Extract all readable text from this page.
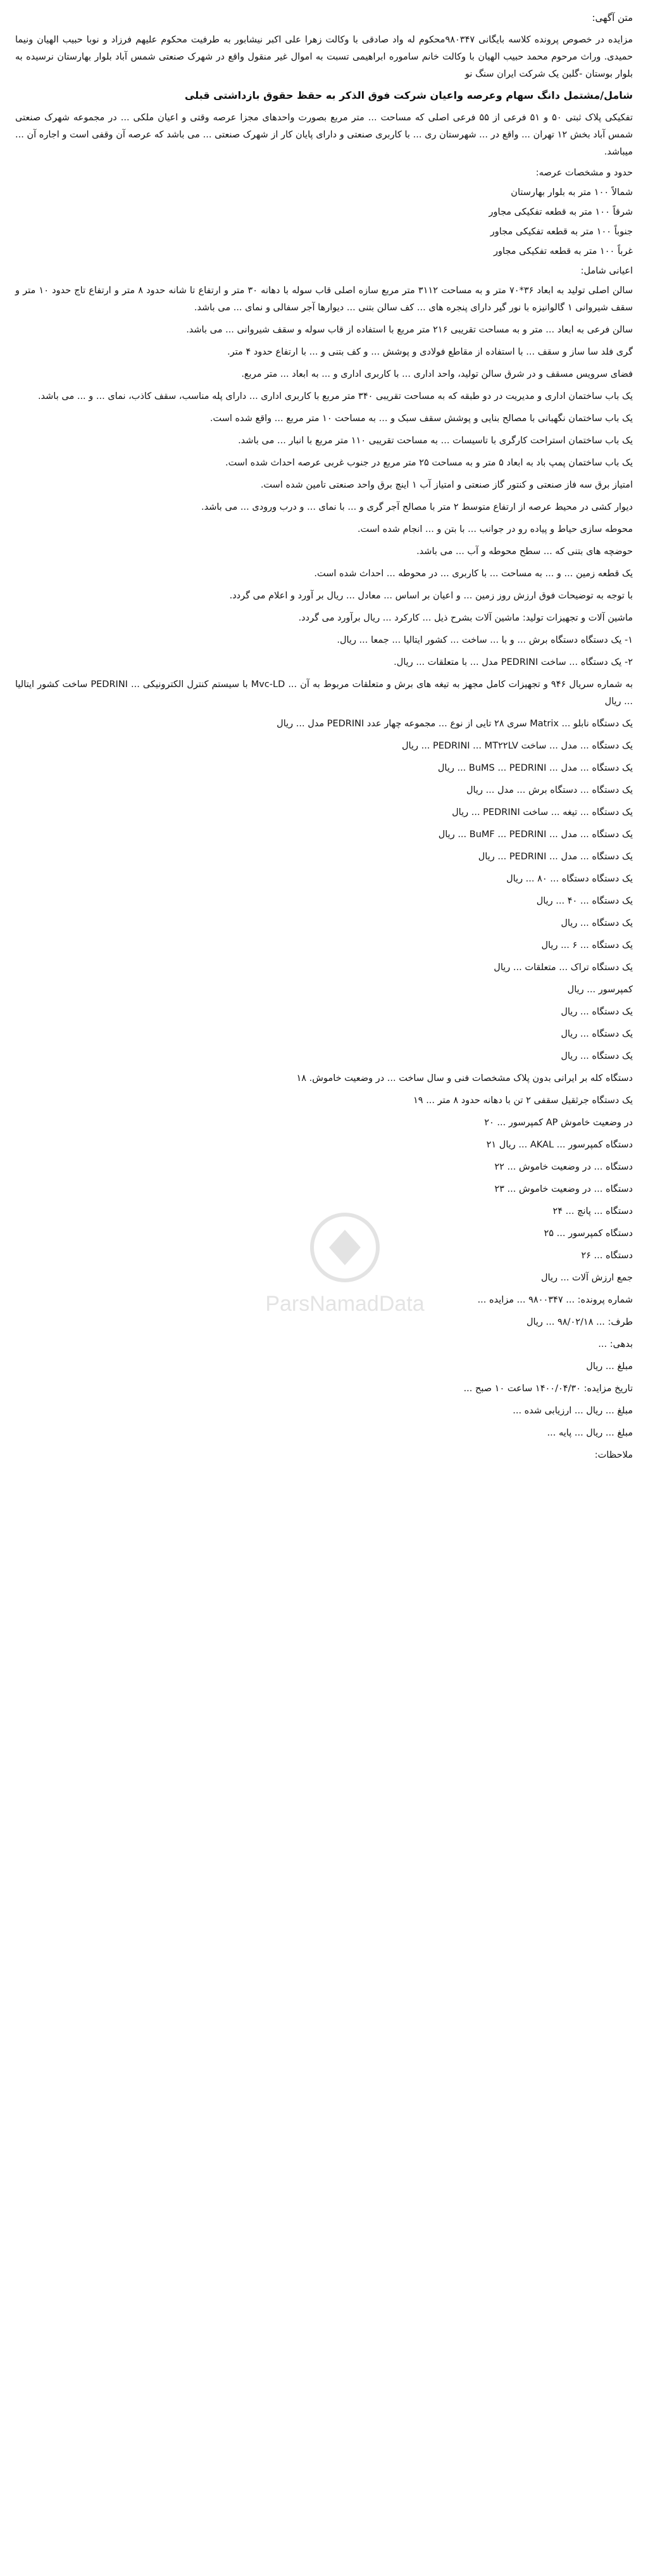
متن آگهی:

مزایده در خصوص پرونده کلاسه بایگانی ۹۸۰۳۴۷محکوم له واد صادقی با وکالت زهرا علی اکبر نیشابور به طرفیت محکوم علیهم فرزاد و نوبا حبیب الهیان ونیما حمیدی. وراث مرحوم محمد حبیب الهیان با وکالت خانم ساموره ابراهیمی تسبت به اموال غیر منقول واقع در شهرک صنعتی شمس آباد بلوار بهارستان نرسیده به بلوار بوستان -گلبن یک شرکت ایران سنگ نو

شامل/مشتمل دانگ سهام وعرصه واعیان شرکت فوق الذکر به حقظ حقوق بازداشتی قبلی

تفکیکی پلاک ثبتی ۵۰ و ۵۱ فرعی از ۵۵ فرعی اصلی که مساحت ... متر مربع بصورت واحدهای مجزا عرصه وقتی و اعیان ملکی ... در مجموعه شهرک صنعتی شمس آباد بخش ۱۲ تهران ... واقع در ... شهرستان ری ... با کاربری صنعتی و دارای پایان کار از شهرک صنعتی ... می باشد که عرصه آن وقفی است و اجاره آن ... میباشد.

حدود و مشخصات عرصه:
شمالاً ۱۰۰ متر به بلوار بهارستان
شرقاً ۱۰۰ متر به قطعه تفکیکی مجاور
جنوباً ۱۰۰ متر به قطعه تفکیکی مجاور
غرباً ۱۰۰ متر به قطعه تفکیکی مجاور
اعیانی شامل:

سالن اصلی تولید به ابعاد ۳۶*۷۰ متر و به مساحت ۳۱۱۲ متر مربع سازه اصلی قاب سوله با دهانه ۳۰ متر و ارتفاع تا شانه حدود ۸ متر و ارتفاع تاج حدود ۱۰ متر و سقف شیروانی ۱ گالوانیزه با نور گیر دارای پنجره های ... کف سالن بتنی ... دیوارها آجر سفالی و نمای ... می باشد.

سالن فرعی به ابعاد ... متر و به مساحت تقریبی ۲۱۶ متر مربع با استفاده از قاب سوله و سقف شیروانی ... می باشد.

گری فلد سا ساز و سقف ... با استفاده از مقاطع فولادی و پوشش ... و کف بتنی و ... با ارتفاع حدود ۴ متر.

فضای سرویس مسقف و در شرق سالن تولید، واحد اداری ... با کاربری اداری و ... به ابعاد ... متر مربع.

یک باب ساختمان اداری و مدیریت در دو طبقه که به مساحت تقریبی ۳۴۰ متر مربع با کاربری اداری ... دارای پله مناسب، سقف کاذب، نمای ... و ... می باشد.

یک باب ساختمان نگهبانی با مصالح بنایی و پوشش سقف سبک و ... به مساحت ۱۰ متر مربع ... واقع شده است.

یک باب ساختمان استراحت کارگری با تاسیسات ... به مساحت تقریبی ۱۱۰ متر مربع با انبار ... می باشد.

یک باب ساختمان پمپ باد به ابعاد ۵ متر و به مساحت ۲۵ متر مربع در جنوب غربی عرصه احداث شده است.

امتیاز برق سه فاز صنعتی و کنتور گاز صنعتی و امتیاز آب ۱ اینچ برق واحد صنعتی تامین شده است.

دیوار کشی در محیط عرصه از ارتفاع متوسط ۲ متر با مصالح آجر گری و ... با نمای ... و درب ورودی ... می باشد.

محوطه سازی حیاط و پیاده رو در جوانب ... با بتن و ... انجام شده است.

حوضچه های بتنی که ... سطح محوطه و آب ... می باشد.

یک قطعه زمین ... و ... به مساحت ... با کاربری ... در محوطه ... احداث شده است.

با توجه به توضیحات فوق ارزش روز زمین ... و اعیان بر اساس ... معادل ... ریال بر آورد و اعلام می گردد.

ماشین آلات و تجهیزات تولید: ماشین آلات بشرح ذیل ... کارکرد ... ریال برآورد می گردد.

۱- یک دستگاه دستگاه برش ... و با ... ساخت ... کشور ایتالیا ... جمعا ... ریال.

۲- یک دستگاه ... ساخت PEDRINI مدل ... با متعلقات ... ریال.

به شماره سریال ۹۴۶ و تجهیزات کامل مجهز به تیغه های برش و متعلقات مربوط به آن ... Mvc-LD با سیستم کنترل الکترونیکی ... PEDRINI ساخت کشور ایتالیا ... ریال

یک دستگاه نابلو ... Matrix سری ۲۸ تایی از نوع ... مجموعه چهار عدد PEDRINI مدل ... ریال

یک دستگاه ... مدل ... ساخت PEDRINI ... MT۲۲LV ... ریال

یک دستگاه ... مدل ... BuΜS ... PEDRINI ... ریال

یک دستگاه ... دستگاه برش ... مدل ... ریال

یک دستگاه ... تیغه ... ساخت PEDRINI ... ریال

یک دستگاه ... مدل ... BuΜF ... PEDRINI ... ریال

یک دستگاه ... مدل ... PEDRINI ... ریال

یک دستگاه دستگاه ... ۸۰ ... ریال

یک دستگاه ... ۴۰ ... ریال

یک دستگاه ... ریال

یک دستگاه ... ۶ ... ریال

یک دستگاه تراک ... متعلقات ... ریال

کمپرسور ... ریال

یک دستگاه ... ریال

یک دستگاه ... ریال

یک دستگاه ... ریال

دستگاه کله بر ایرانی بدون پلاک مشخصات فنی و سال ساخت ... در وضعیت خاموش. ۱۸

یک دستگاه جرثقیل سقفی ۲ تن با دهانه حدود ۸ متر ... ۱۹

در وضعیت خاموش AP کمپرسور ... ۲۰

دستگاه کمپرسور ... AKAL ... ریال ۲۱

دستگاه ... در وضعیت خاموش ... ۲۲

دستگاه ... در وضعیت خاموش ... ۲۳

دستگاه ... پانچ ... ۲۴

دستگاه کمپرسور ... ۲۵

دستگاه ... ۲۶

جمع ارزش آلات ... ریال

شماره پرونده: ... ۹۸۰۰۳۴۷ ... مزایده ...

طرف: ... ۹۸/۰۲/۱۸ ... ریال

بدهی: ...

مبلغ ... ریال

تاریخ مزایده: ۱۴۰۰/۰۴/۳۰ ساعت ۱۰ صبح ...

مبلغ ... ریال ... ارزیابی شده ...

مبلغ ... ریال ... پایه ...

ملاحظات:

ParsNamadData
